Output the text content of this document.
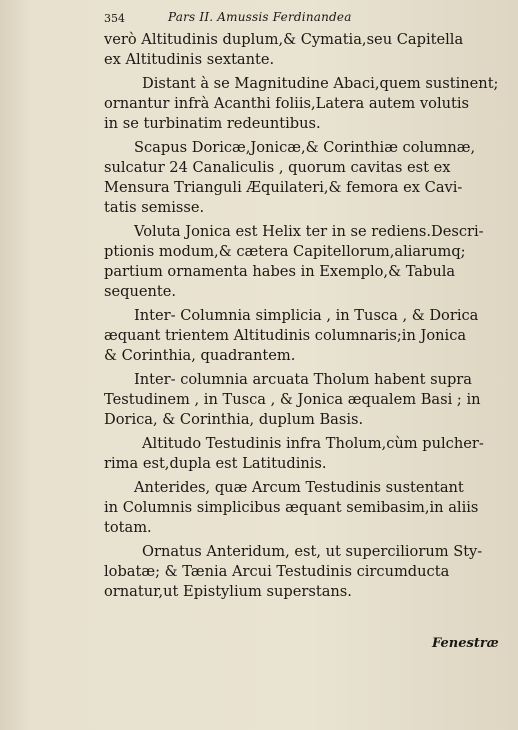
354	Pars II. Amussis Ferdinandea
verò Altitudinis duplum,& Cymatia,seu Capitella
ex Altitudinis sextante.
Distant à se Magnitudine Abaci,quem sustinent;
ornantur infrà Acanthi foliis,Latera autem volutis
in se turbinatim redeuntibus.
Scapus Doricæ,Jonicæ,& Corinthiæ columnæ,
sulcatur 24 Canaliculis , quorum cavitas est ex
Mensura Trianguli Æquilateri,& femora ex Cavi-
tatis semisse.
Voluta Jonica est Helix ter in se rediens.Descri-
ptionis modum,& cætera Capitellorum,aliarumq;
partium ornamenta habes in Exemplo,& Tabula
sequente.
Inter- Columnia simplicia , in Tusca , & Dorica
æquant trientem Altitudinis columnaris;in Jonica
& Corinthia, quadrantem.
Inter- columnia arcuata Tholum habent supra
Testudinem , in Tusca , & Jonica æqualem Basi ; in
Dorica, & Corinthia, duplum Basis.
Altitudo Testudinis infra Tholum,cùm pulcher-
rima est,dupla est Latitudinis.
Anterides, quæ Arcum Testudinis sustentant
in Columnis simplicibus æquant semibasim,in aliis
totam.
Ornatus Anteridum, est, ut superciliorum Sty-
lobatæ; & Tænia Arcui Testudinis circumducta
ornatur,ut Epistylium superstans.
Fenestræ
